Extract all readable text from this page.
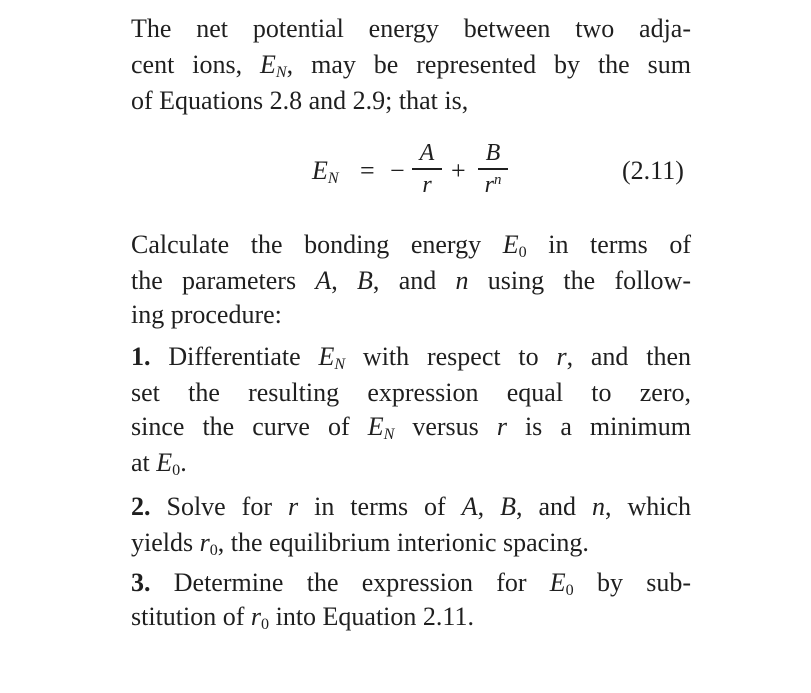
The net potential energy between two adja-
cent ions, $E_N$, may be represented by the sum
of Equations 2.8 and 2.9; that is,
$E_N$ = −
A
r +
B
$r^n$	(2.11)
Calculate the bonding energy $E_0$ in terms of
the parameters A, B, and n using the follow-
ing procedure:
1. Differentiate $E_N$ with respect to r, and then
set the resulting expression equal to zero,
since the curve of $E_N$ versus r is a minimum
at $E_0$.
2. Solve for r in terms of A, B, and n, which
yields $r_0$, the equilibrium interionic spacing.
3. Determine the expression for $E_0$ by sub-
stitution of $r_0$ into Equation 2.11.
